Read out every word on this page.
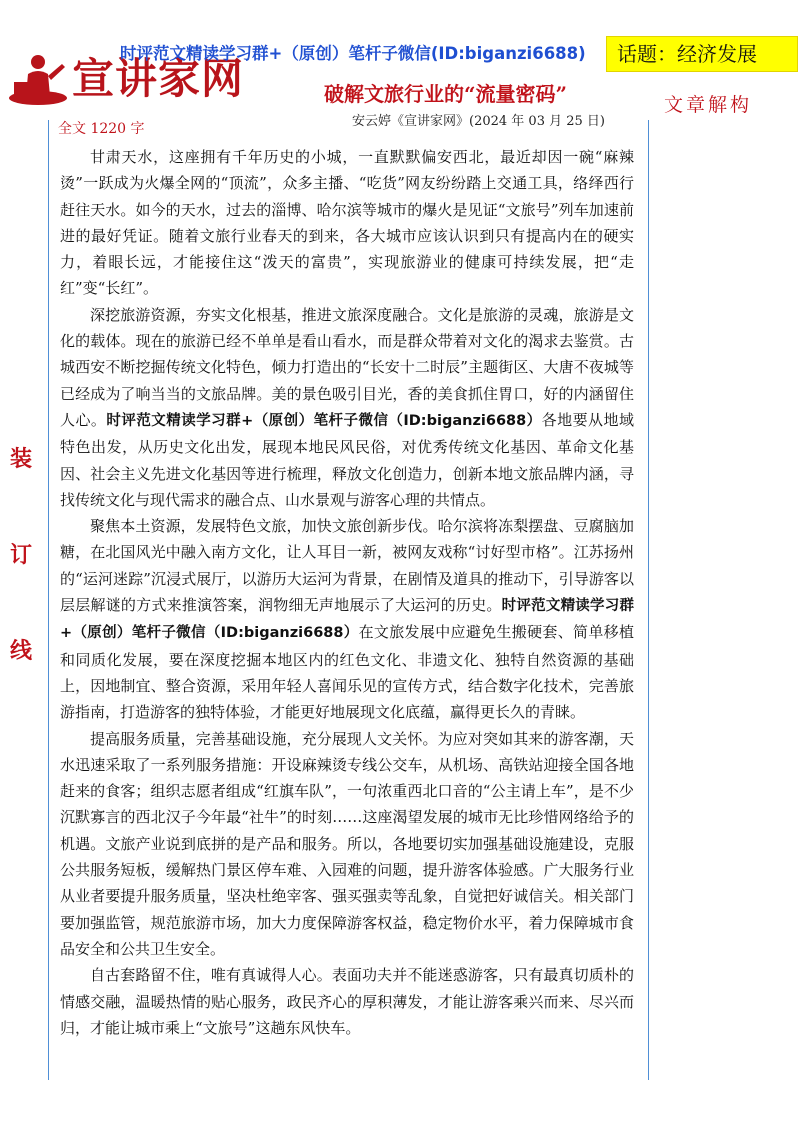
宣讲家网
时评范文精读学习群+（原创）笔杆子微信(ID:biganzi6688)	话题：经济发展
破解文旅行业的“流量密码”
安云婷《宣讲家网》(2024 年 03 月 25 日)
全文 1220 字
文章解构
装
订
线

甘肃天水，这座拥有千年历史的小城，一直默默偏安西北，最近却因一碗“麻辣烫”一跃成为火爆全网的“顶流”，众多主播、“吃货”网友纷纷踏上交通工具，络绎西行赶往天水。如今的天水，过去的淄博、哈尔滨等城市的爆火是见证“文旅号”列车加速前进的最好凭证。随着文旅行业春天的到来，各大城市应该认识到只有提高内在的硬实力，着眼长远，才能接住这“泼天的富贵”，实现旅游业的健康可持续发展，把“走红”变“长红”。

深挖旅游资源，夯实文化根基，推进文旅深度融合。文化是旅游的灵魂，旅游是文化的载体。现在的旅游已经不单单是看山看水，而是群众带着对文化的渴求去鉴赏。古城西安不断挖掘传统文化特色，倾力打造出的“长安十二时辰”主题街区、大唐不夜城等已经成为了响当当的文旅品牌。美的景色吸引目光，香的美食抓住胃口，好的内涵留住人心。时评范文精读学习群+（原创）笔杆子微信（ID:biganzi6688）各地要从地域特色出发，从历史文化出发，展现本地民风民俗，对优秀传统文化基因、革命文化基因、社会主义先进文化基因等进行梳理，释放文化创造力，创新本地文旅品牌内涵，寻找传统文化与现代需求的融合点、山水景观与游客心理的共情点。

聚焦本土资源，发展特色文旅，加快文旅创新步伐。哈尔滨将冻梨摆盘、豆腐脑加糖，在北国风光中融入南方文化，让人耳目一新，被网友戏称“讨好型市格”。江苏扬州的“运河迷踪”沉浸式展厅，以游历大运河为背景，在剧情及道具的推动下，引导游客以层层解谜的方式来推演答案，润物细无声地展示了大运河的历史。时评范文精读学习群+（原创）笔杆子微信（ID:biganzi6688）在文旅发展中应避免生搬硬套、简单移植和同质化发展，要在深度挖掘本地区内的红色文化、非遗文化、独特自然资源的基础上，因地制宜、整合资源，采用年轻人喜闻乐见的宣传方式，结合数字化技术，完善旅游指南，打造游客的独特体验，才能更好地展现文化底蕴，赢得更长久的青睐。

提高服务质量，完善基础设施，充分展现人文关怀。为应对突如其来的游客潮，天水迅速采取了一系列服务措施：开设麻辣烫专线公交车，从机场、高铁站迎接全国各地赶来的食客；组织志愿者组成“红旗车队”，一句浓重西北口音的“公主请上车”，是不少沉默寡言的西北汉子今年最“社牛”的时刻……这座渴望发展的城市无比珍惜网络给予的机遇。文旅产业说到底拼的是产品和服务。所以，各地要切实加强基础设施建设，克服公共服务短板，缓解热门景区停车难、入园难的问题，提升游客体验感。广大服务行业从业者要提升服务质量，坚决杜绝宰客、强买强卖等乱象，自觉把好诚信关。相关部门要加强监管，规范旅游市场，加大力度保障游客权益，稳定物价水平，着力保障城市食品安全和公共卫生安全。

自古套路留不住，唯有真诚得人心。表面功夫并不能迷惑游客，只有最真切质朴的情感交融，温暖热情的贴心服务，政民齐心的厚积薄发，才能让游客乘兴而来、尽兴而归，才能让城市乘上“文旅号”这趟东风快车。
